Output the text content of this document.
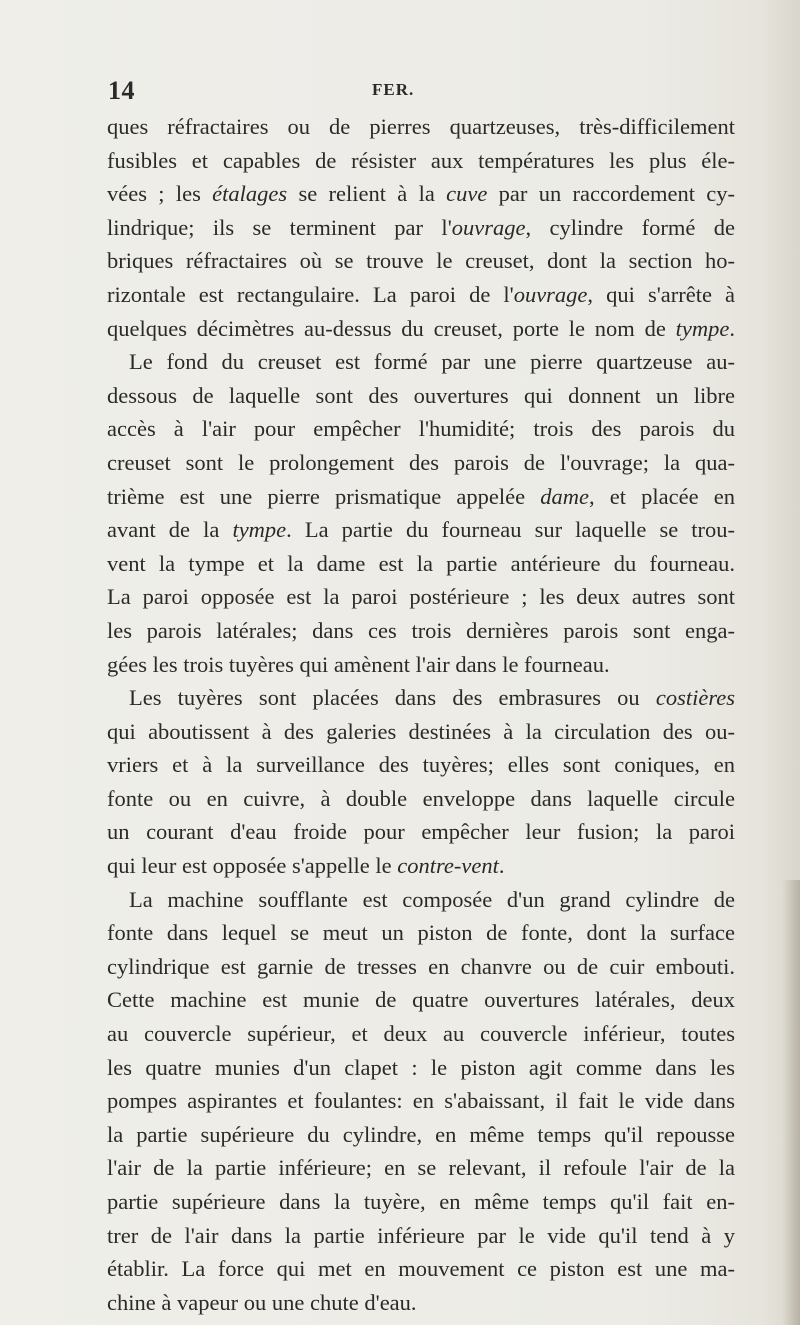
14	FER.
ques réfractaires ou de pierres quartzeuses, très-difficilement
fusibles et capables de résister aux températures les plus éle-
vées ; les étalages se relient à la cuve par un raccordement cy-
lindrique; ils se terminent par l'ouvrage, cylindre formé de
briques réfractaires où se trouve le creuset, dont la section ho-
rizontale est rectangulaire. La paroi de l'ouvrage, qui s'arrête à
quelques décimètres au-dessus du creuset, porte le nom de tympe.
Le fond du creuset est formé par une pierre quartzeuse au-
dessous de laquelle sont des ouvertures qui donnent un libre
accès à l'air pour empêcher l'humidité; trois des parois du
creuset sont le prolongement des parois de l'ouvrage; la qua-
trième est une pierre prismatique appelée dame, et placée en
avant de la tympe. La partie du fourneau sur laquelle se trou-
vent la tympe et la dame est la partie antérieure du fourneau.
La paroi opposée est la paroi postérieure ; les deux autres sont
les parois latérales; dans ces trois dernières parois sont enga-
gées les trois tuyères qui amènent l'air dans le fourneau.
Les tuyères sont placées dans des embrasures ou costières
qui aboutissent à des galeries destinées à la circulation des ou-
vriers et à la surveillance des tuyères; elles sont coniques, en
fonte ou en cuivre, à double enveloppe dans laquelle circule
un courant d'eau froide pour empêcher leur fusion; la paroi
qui leur est opposée s'appelle le contre-vent.
La machine soufflante est composée d'un grand cylindre de
fonte dans lequel se meut un piston de fonte, dont la surface
cylindrique est garnie de tresses en chanvre ou de cuir embouti.
Cette machine est munie de quatre ouvertures latérales, deux
au couvercle supérieur, et deux au couvercle inférieur, toutes
les quatre munies d'un clapet : le piston agit comme dans les
pompes aspirantes et foulantes: en s'abaissant, il fait le vide dans
la partie supérieure du cylindre, en même temps qu'il repousse
l'air de la partie inférieure; en se relevant, il refoule l'air de la
partie supérieure dans la tuyère, en même temps qu'il fait en-
trer de l'air dans la partie inférieure par le vide qu'il tend à y
établir. La force qui met en mouvement ce piston est une ma-
chine à vapeur ou une chute d'eau.
